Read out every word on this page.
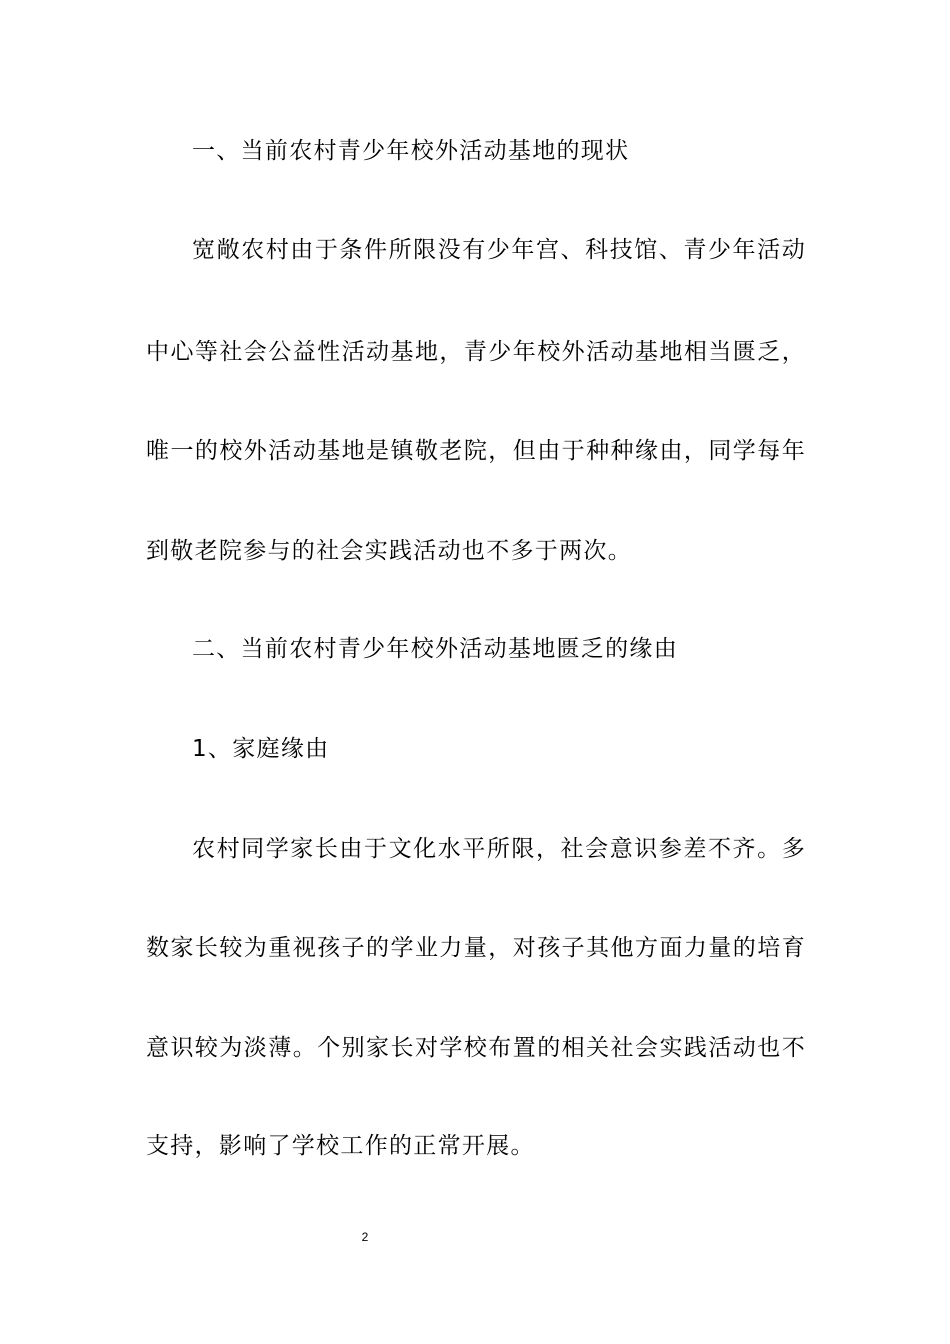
一、当前农村青少年校外活动基地的现状
宽敞农村由于条件所限没有少年宫、科技馆、青少年活动
中心等社会公益性活动基地，青少年校外活动基地相当匮乏，
唯一的校外活动基地是镇敬老院，但由于种种缘由，同学每年
到敬老院参与的社会实践活动也不多于两次。
二、当前农村青少年校外活动基地匮乏的缘由
1、家庭缘由
农村同学家长由于文化水平所限，社会意识参差不齐。多
数家长较为重视孩子的学业力量，对孩子其他方面力量的培育
意识较为淡薄。个别家长对学校布置的相关社会实践活动也不
支持，影响了学校工作的正常开展。
2
